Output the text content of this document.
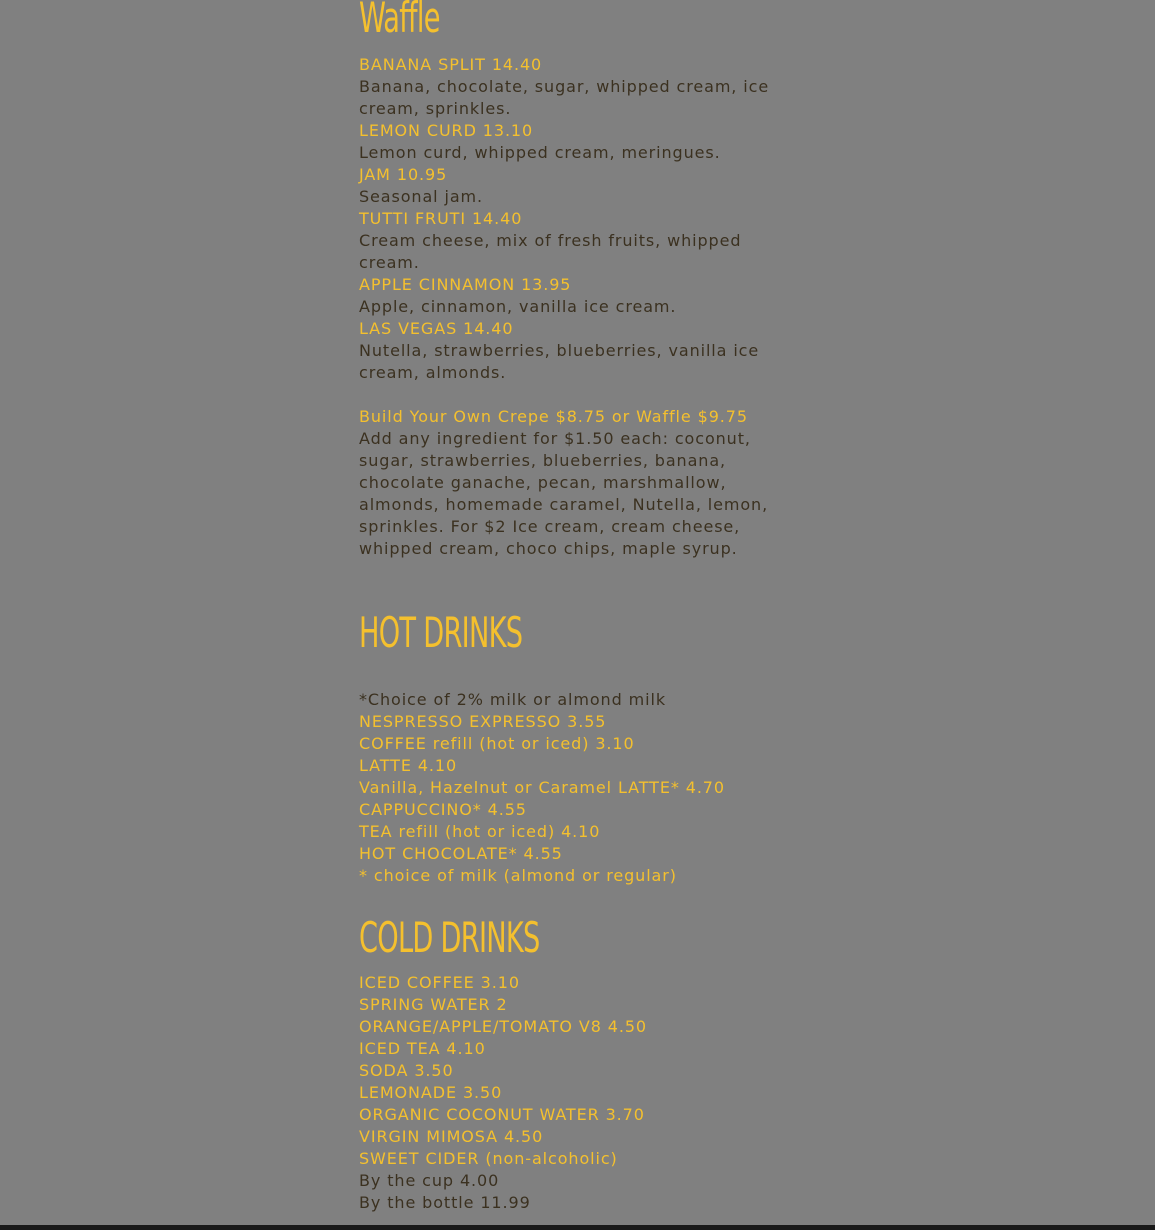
Waffle
BANANA SPLIT 14.40
Banana, chocolate, sugar, whipped cream, ice
cream, sprinkles.
LEMON CURD 13.10
Lemon curd, whipped cream, meringues.
JAM 10.95
Seasonal jam.
TUTTI FRUTI 14.40
Cream cheese, mix of fresh fruits, whipped
cream.
APPLE CINNAMON 13.95
Apple, cinnamon, vanilla ice cream.
LAS VEGAS 14.40
Nutella, strawberries, blueberries, vanilla ice
cream, almonds.
Build Your Own Crepe $8.75 or Waffle $9.75
Add any ingredient for $1.50 each: coconut,
sugar, strawberries, blueberries, banana,
chocolate ganache, pecan, marshmallow,
almonds, homemade caramel, Nutella, lemon,
sprinkles. For $2 Ice cream, cream cheese,
whipped cream, choco chips, maple syrup.
HOT DRINKS
*Choice of 2% milk or almond milk
NESPRESSO EXPRESSO 3.55
COFFEE refill (hot or iced) 3.10
LATTE 4.10
Vanilla, Hazelnut or Caramel LATTE* 4.70
CAPPUCCINO* 4.55
TEA refill (hot or iced) 4.10
HOT CHOCOLATE* 4.55
* choice of milk (almond or regular)
COLD DRINKS
ICED COFFEE 3.10
SPRING WATER 2
ORANGE/APPLE/TOMATO V8 4.50
ICED TEA 4.10
SODA 3.50
LEMONADE 3.50
ORGANIC COCONUT WATER 3.70
VIRGIN MIMOSA 4.50
SWEET CIDER (non-alcoholic)
By the cup 4.00
By the bottle 11.99
